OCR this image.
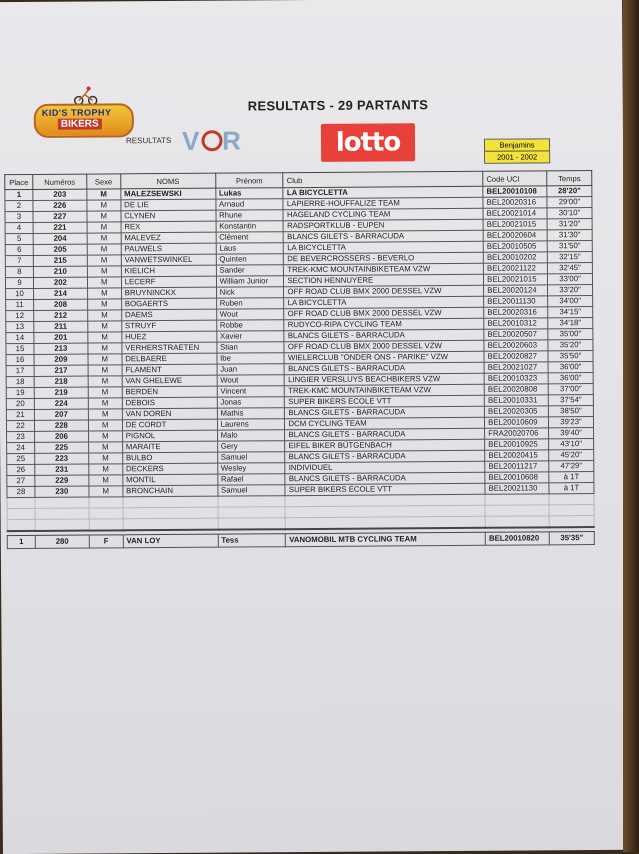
KID'S TROPHY
BIKERS
RESULTATS V R
RESULTATS - 29 PARTANTS
lotto	Benjamins
2001 - 2002
Place	Numéros	Sexe	NOMS	Prénom	Club	Code UCI	Temps
1	203	M	MALEZSEWSKI	Lukas	LA BICYCLETTA	BEL20010108	28'20"
2	226	M	DE LIE	Arnaud	LAPIERRE-HOUFFALIZE TEAM	BEL20020316	29'00"
3	227	M	CLYNEN	Rhune	HAGELAND CYCLING TEAM	BEL20021014	30'10"
4	221	M	REX	Konstantin	RADSPORTKLUB - EUPEN	BEL20021015	31'20"
5	204	M	MALEVEZ	Clément	BLANCS GILETS - BARRACUDA	BEL20020604	31'30"
6	205	M	PAUWELS	Laus	LA BICYCLETTA	BEL20010505	31'50"
7	215	M	VANWETSWINKEL	Quinten	DE BEVERCROSSERS - BEVERLO	BEL20010202	32'15"
8	210	M	KIELICH	Sander	TREK-KMC MOUNTAINBIKETEAM VZW	BEL20021122	32'45"
9	202	M	LECERF	William Junior	SECTION HENNUYERE	BEL20021015	33'00"
10	214	M	BRUYNINCKX	Nick	OFF ROAD CLUB BMX 2000 DESSEL VZW	BEL20020124	33'20"
11	208	M	BOGAERTS	Ruben	LA BICYCLETTA	BEL20011130	34'00"
12	212	M	DAEMS	Wout	OFF ROAD CLUB BMX 2000 DESSEL VZW	BEL20020316	34'15"
13	211	M	STRUYF	Robbe	RUDYCO-RIPA CYCLING TEAM	BEL20010312	34'18"
14	201	M	HUEZ	Xavier	BLANCS GILETS - BARRACUDA	BEL20020507	35'00"
15	213	M	VERHERSTRAETEN	Stian	OFF ROAD CLUB BMX 2000 DESSEL VZW	BEL20020603	35'20"
16	209	M	DELBAERE	Ibe	WIELERCLUB "ONDER ONS - PARIKE" VZW	BEL20020827	35'50"
17	217	M	FLAMENT	Juan	BLANCS GILETS - BARRACUDA	BEL20021027	36'00"
18	218	M	VAN GHELEWE	Wout	LINGIER VERSLUYS BEACHBIKERS VZW	BEL20010323	36'00"
19	219	M	BERDEN	Vincent	TREK-KMC MOUNTAINBIKETEAM VZW	BEL20020808	37'00"
20	224	M	DEBOIS	Jonas	SUPER BIKERS ECOLE VTT	BEL20010331	37'54"
21	207	M	VAN DOREN	Mathis	BLANCS GILETS - BARRACUDA	BEL20020305	38'50"
22	228	M	DE CORDT	Laurens	DCM CYCLING TEAM	BEL20010609	39'23"
23	206	M	PIGNOL	Malo	BLANCS GILETS - BARRACUDA	FRA20020706	39'40"
24	225	M	MARAITE	Gery	EIFEL BIKER BÜTGENBACH	BEL20010925	43'10"
25	223	M	BULBO	Samuel	BLANCS GILETS - BARRACUDA	BEL20020415	45'20"
26	231	M	DECKERS	Wesley	INDIVIDUEL	BEL20011217	47'29"
27	229	M	MONTIL	Rafael	BLANCS GILETS - BARRACUDA	BEL20010608	à 1T
28	230	M	BRONCHAIN	Samuel	SUPER BIKERS ECOLE VTT	BEL20021130	à 1T

1	280	F	VAN LOY	Tess	VANOMOBIL MTB CYCLING TEAM	BEL20010820	35'35"
